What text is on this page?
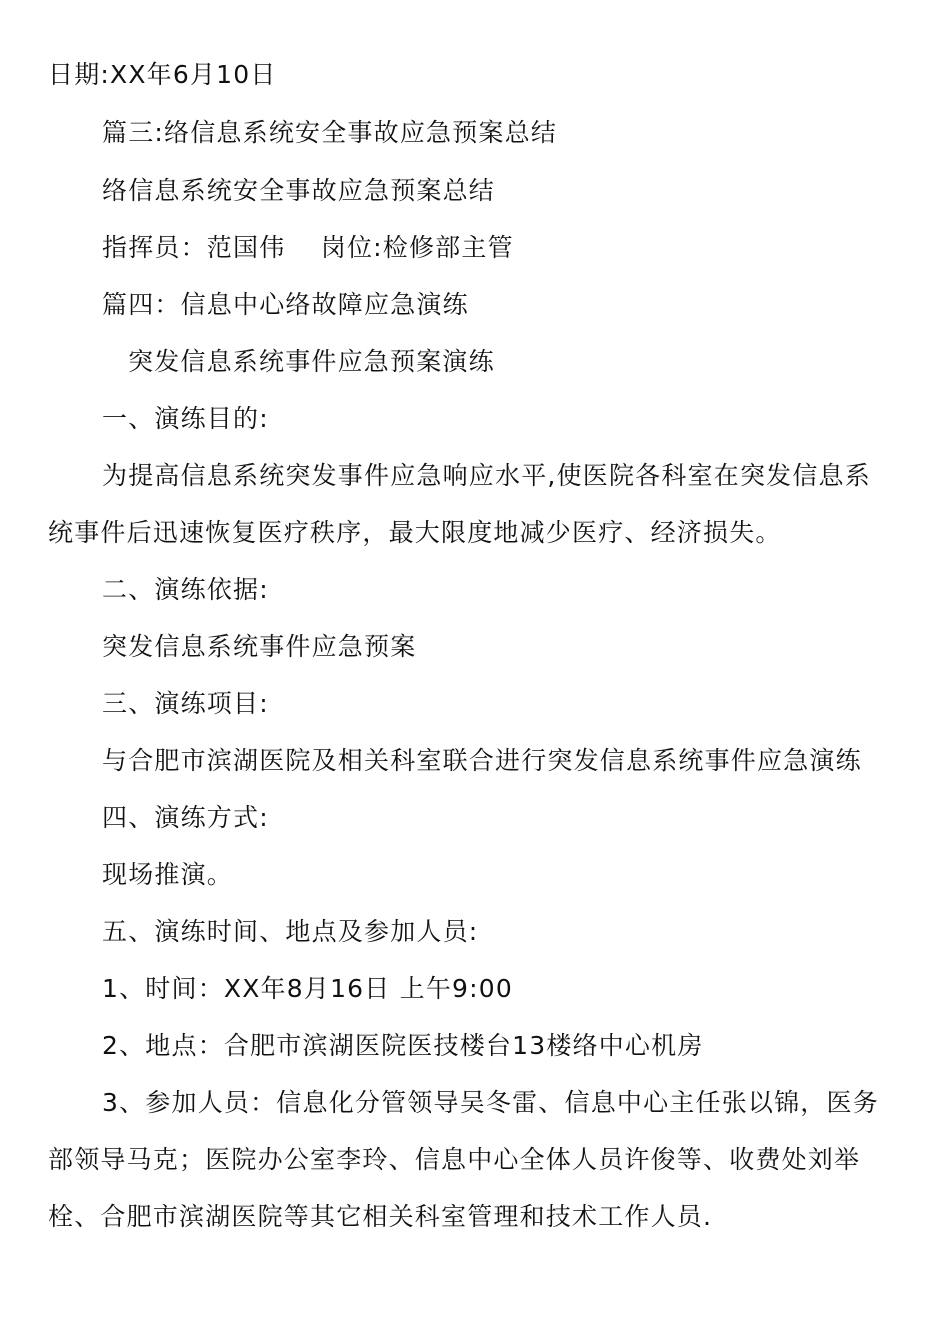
日期:XX年6月10日
篇三:络信息系统安全事故应急预案总结
络信息系统安全事故应急预案总结
指挥员：范国伟　 岗位:检修部主管
篇四：信息中心络故障应急演练
突发信息系统事件应急预案演练
一、演练目的:
为提高信息系统突发事件应急响应水平,使医院各科室在突发信息系
统事件后迅速恢复医疗秩序，最大限度地减少医疗、经济损失。
二、演练依据:
突发信息系统事件应急预案
三、演练项目:
与合肥市滨湖医院及相关科室联合进行突发信息系统事件应急演练
四、演练方式:
现场推演。
五、演练时间、地点及参加人员:
1、时间：XX年8月16日 上午9:00
2、地点：合肥市滨湖医院医技楼台13楼络中心机房
3、参加人员：信息化分管领导吴冬雷、信息中心主任张以锦，医务
部领导马克；医院办公室李玲、信息中心全体人员许俊等、收费处刘举
栓、合肥市滨湖医院等其它相关科室管理和技术工作人员.
